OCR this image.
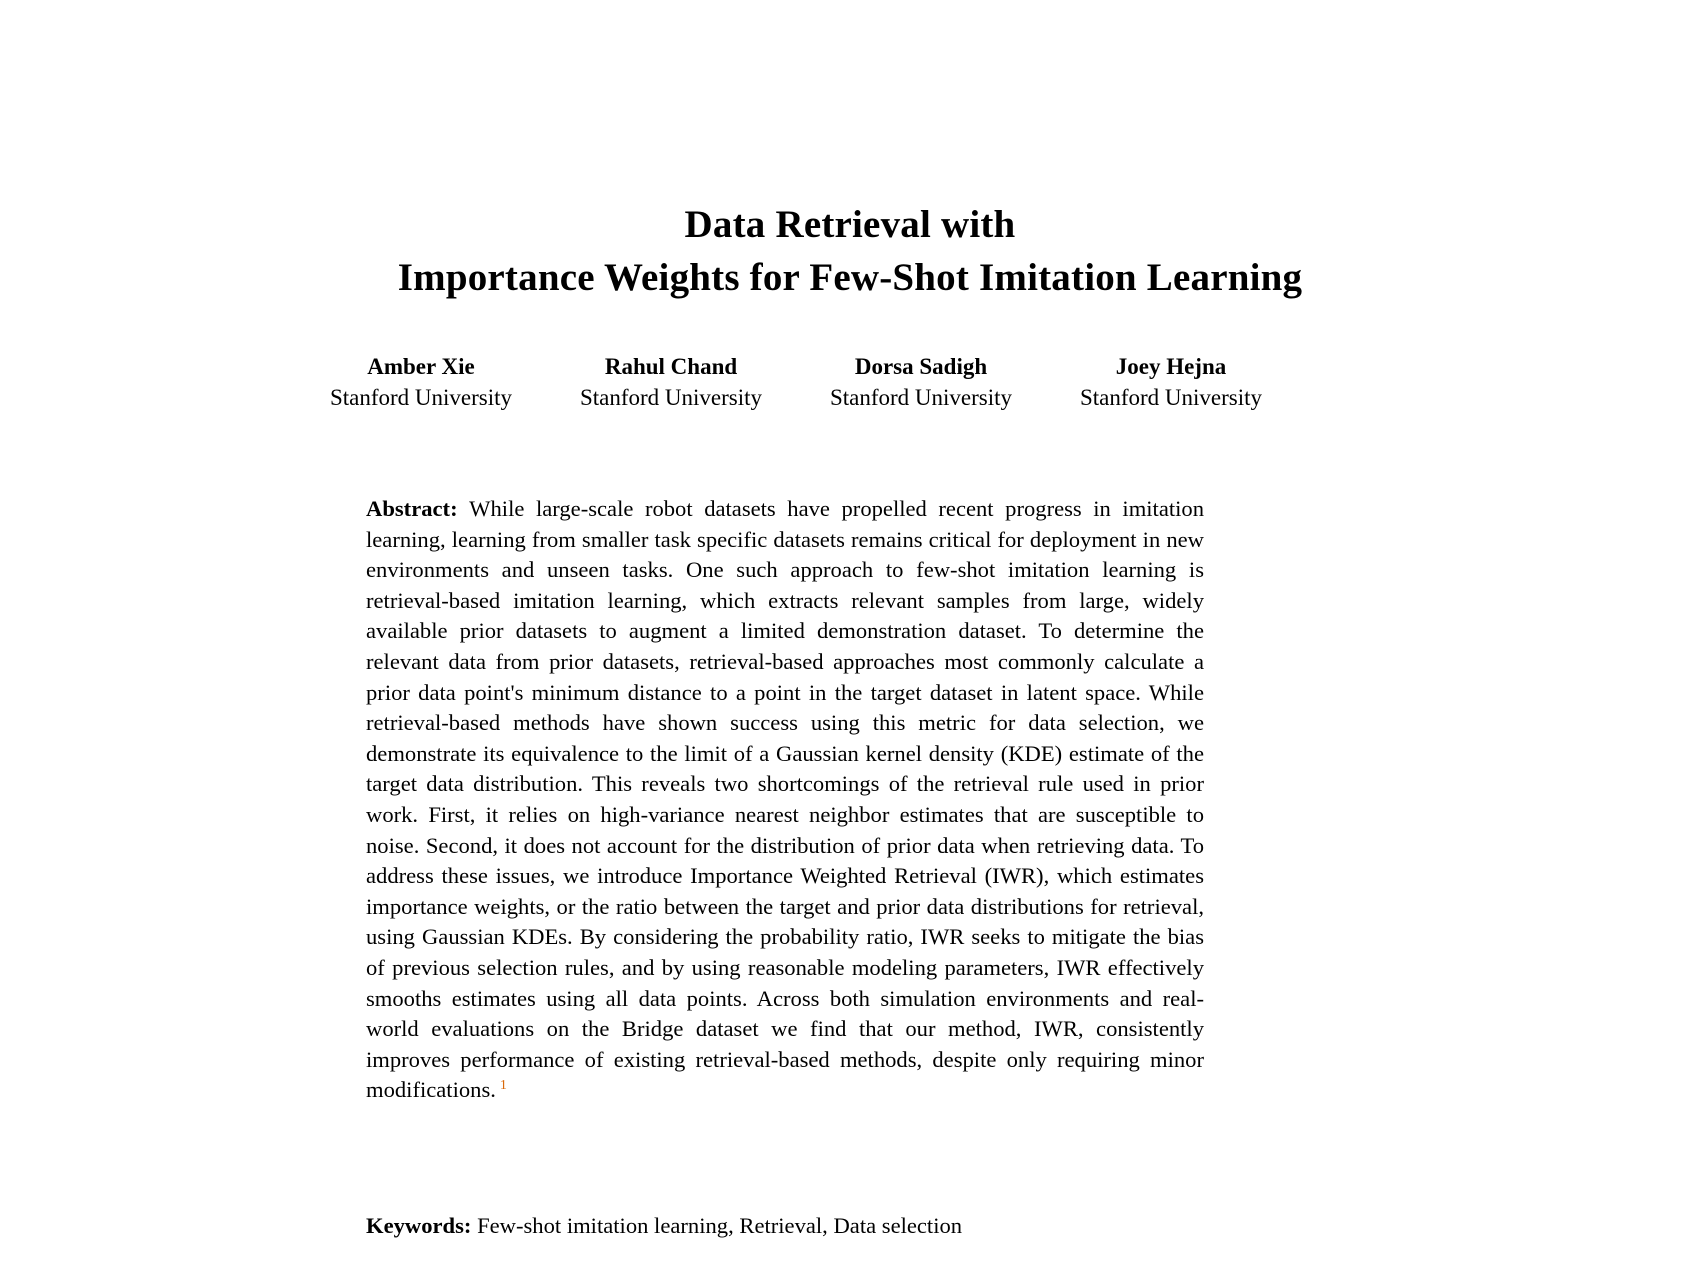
Data Retrieval with
Importance Weights for Few-Shot Imitation Learning
Amber Xie
Stanford University
Rahul Chand
Stanford University
Dorsa Sadigh
Stanford University
Joey Hejna
Stanford University

Abstract: While large-scale robot datasets have propelled recent progress in imitation learning, learning from smaller task specific datasets remains critical for deployment in new environments and unseen tasks. One such approach to few-shot imitation learning is retrieval-based imitation learning, which extracts relevant samples from large, widely available prior datasets to augment a limited demonstration dataset. To determine the relevant data from prior datasets, retrieval-based approaches most commonly calculate a prior data point's minimum distance to a point in the target dataset in latent space. While retrieval-based methods have shown success using this metric for data selection, we demonstrate its equivalence to the limit of a Gaussian kernel density (KDE) estimate of the target data distribution. This reveals two shortcomings of the retrieval rule used in prior work. First, it relies on high-variance nearest neighbor estimates that are susceptible to noise. Second, it does not account for the distribution of prior data when retrieving data. To address these issues, we introduce Importance Weighted Retrieval (IWR), which estimates importance weights, or the ratio between the target and prior data distributions for retrieval, using Gaussian KDEs. By considering the probability ratio, IWR seeks to mitigate the bias of previous selection rules, and by using reasonable modeling parameters, IWR effectively smooths estimates using all data points. Across both simulation environments and real-world evaluations on the Bridge dataset we find that our method, IWR, consistently improves performance of existing retrieval-based methods, despite only requiring minor modifications. $^1$

Keywords: Few-shot imitation learning, Retrieval, Data selection
